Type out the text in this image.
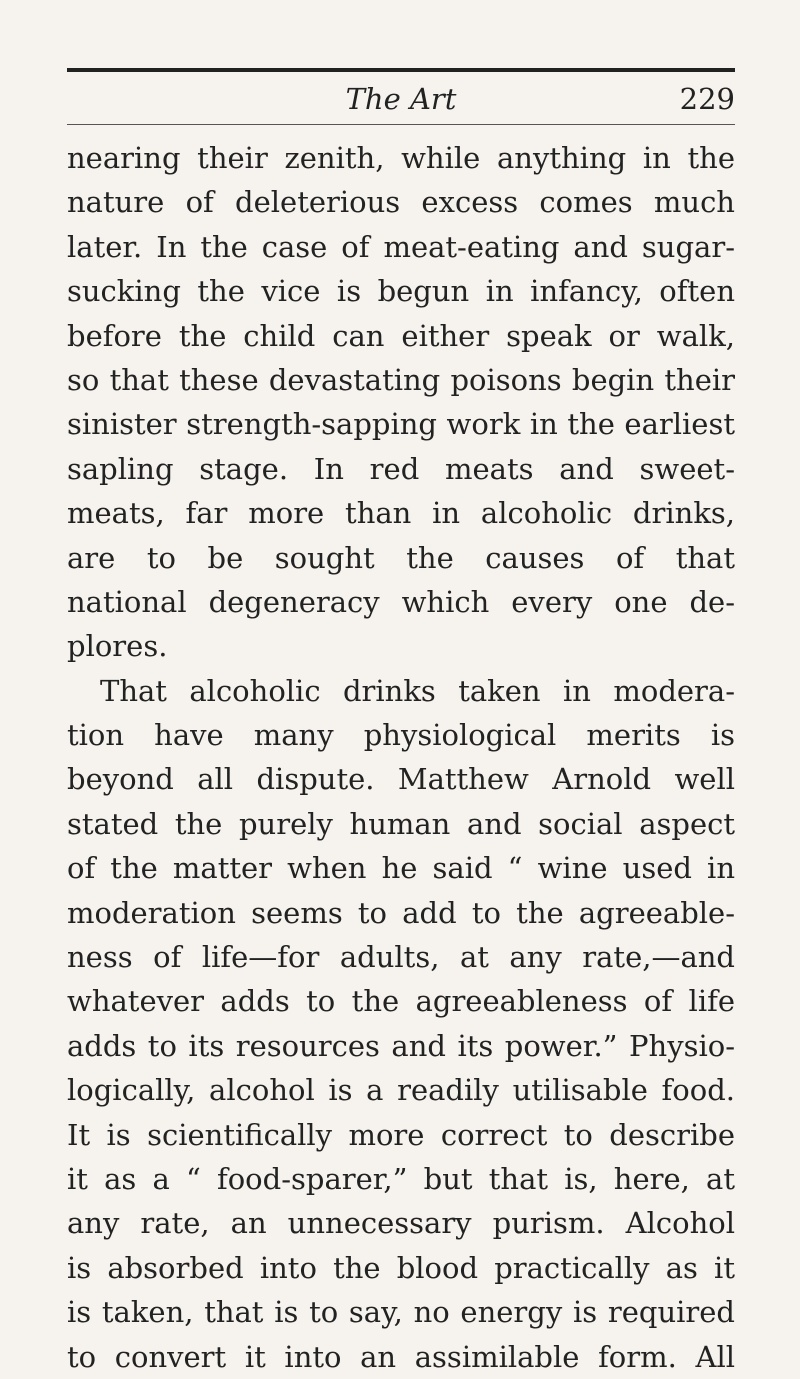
The Art	229
nearing their zenith, while anything in the
nature of deleterious excess comes much
later. In the case of meat-eating and sugar-
sucking the vice is begun in infancy, often
before the child can either speak or walk,
so that these devastating poisons begin their
sinister strength-sapping work in the earliest
sapling stage. In red meats and sweet-
meats, far more than in alcoholic drinks,
are to be sought the causes of that
national degeneracy which every one de-
plores.
That alcoholic drinks taken in modera-
tion have many physiological merits is
beyond all dispute. Matthew Arnold well
stated the purely human and social aspect
of the matter when he said “ wine used in
moderation seems to add to the agreeable-
ness of life—for adults, at any rate,—and
whatever adds to the agreeableness of life
adds to its resources and its power.” Physio-
logically, alcohol is a readily utilisable food.
It is scientifically more correct to describe
it as a “ food-sparer,” but that is, here, at
any rate, an unnecessary purism. Alcohol
is absorbed into the blood practically as it
is taken, that is to say, no energy is required
to convert it into an assimilable form. All
